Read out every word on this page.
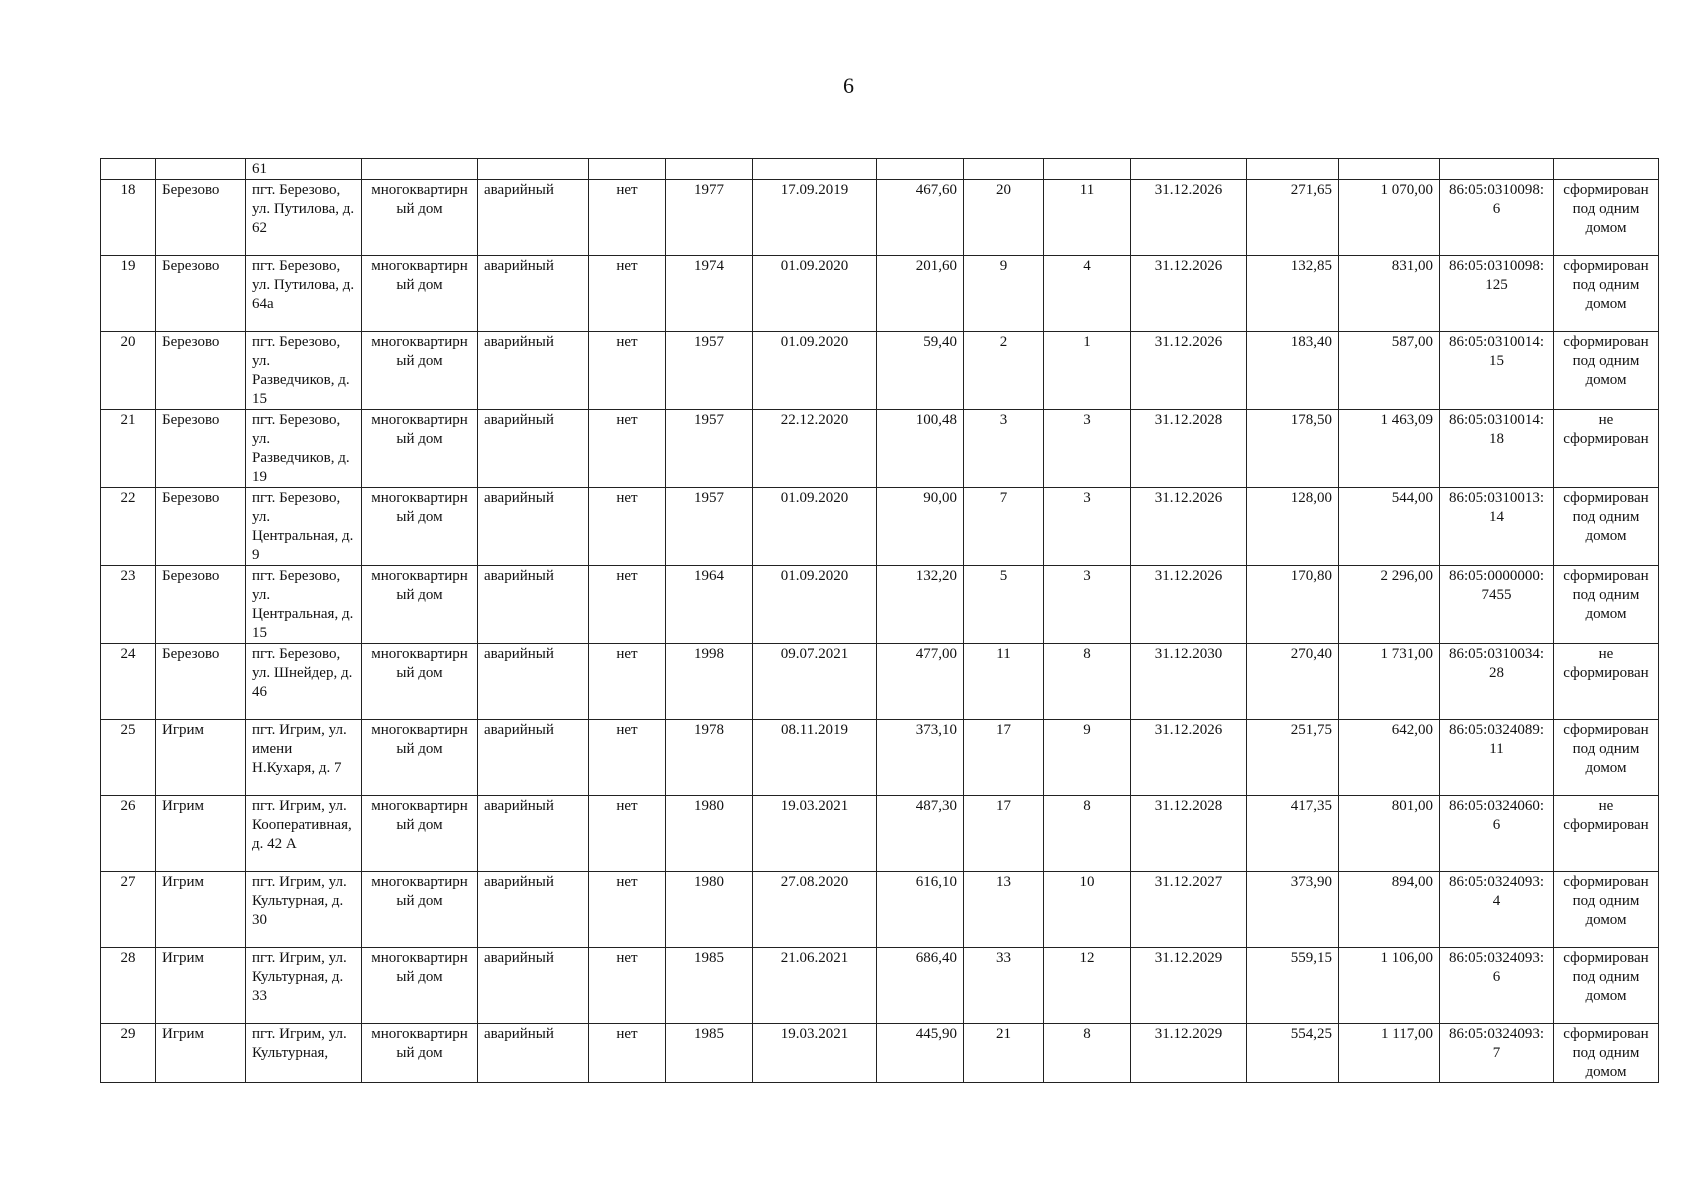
6
		61													
18	Березово	пгт. Березово, ул. Путилова, д. 62	многоквартирный дом	аварийный	нет	1977	17.09.2019	467,60	20	11	31.12.2026	271,65	1 070,00	86:05:0310098:6	сформирован под одним домом
19	Березово	пгт. Березово, ул. Путилова, д. 64а	многоквартирный дом	аварийный	нет	1974	01.09.2020	201,60	9	4	31.12.2026	132,85	831,00	86:05:0310098:125	сформирован под одним домом
20	Березово	пгт. Березово, ул. Разведчиков, д. 15	многоквартирный дом	аварийный	нет	1957	01.09.2020	59,40	2	1	31.12.2026	183,40	587,00	86:05:0310014:15	сформирован под одним домом
21	Березово	пгт. Березово, ул. Разведчиков, д. 19	многоквартирный дом	аварийный	нет	1957	22.12.2020	100,48	3	3	31.12.2028	178,50	1 463,09	86:05:0310014:18	не сформирован
22	Березово	пгт. Березово, ул. Центральная, д. 9	многоквартирный дом	аварийный	нет	1957	01.09.2020	90,00	7	3	31.12.2026	128,00	544,00	86:05:0310013:14	сформирован под одним домом
23	Березово	пгт. Березово, ул. Центральная, д. 15	многоквартирный дом	аварийный	нет	1964	01.09.2020	132,20	5	3	31.12.2026	170,80	2 296,00	86:05:0000000:7455	сформирован под одним домом
24	Березово	пгт. Березово, ул. Шнейдер, д. 46	многоквартирный дом	аварийный	нет	1998	09.07.2021	477,00	11	8	31.12.2030	270,40	1 731,00	86:05:0310034:28	не сформирован
25	Игрим	пгт. Игрим, ул. имени Н.Кухаря, д. 7	многоквартирный дом	аварийный	нет	1978	08.11.2019	373,10	17	9	31.12.2026	251,75	642,00	86:05:0324089:11	сформирован под одним домом
26	Игрим	пгт. Игрим, ул. Кооперативная, д. 42 А	многоквартирный дом	аварийный	нет	1980	19.03.2021	487,30	17	8	31.12.2028	417,35	801,00	86:05:0324060:6	не сформирован
27	Игрим	пгт. Игрим, ул. Культурная, д. 30	многоквартирный дом	аварийный	нет	1980	27.08.2020	616,10	13	10	31.12.2027	373,90	894,00	86:05:0324093:4	сформирован под одним домом
28	Игрим	пгт. Игрим, ул. Культурная, д. 33	многоквартирный дом	аварийный	нет	1985	21.06.2021	686,40	33	12	31.12.2029	559,15	1 106,00	86:05:0324093:6	сформирован под одним домом
29	Игрим	пгт. Игрим, ул. Культурная,	многоквартирный дом	аварийный	нет	1985	19.03.2021	445,90	21	8	31.12.2029	554,25	1 117,00	86:05:0324093:7	сформирован под одним домом
